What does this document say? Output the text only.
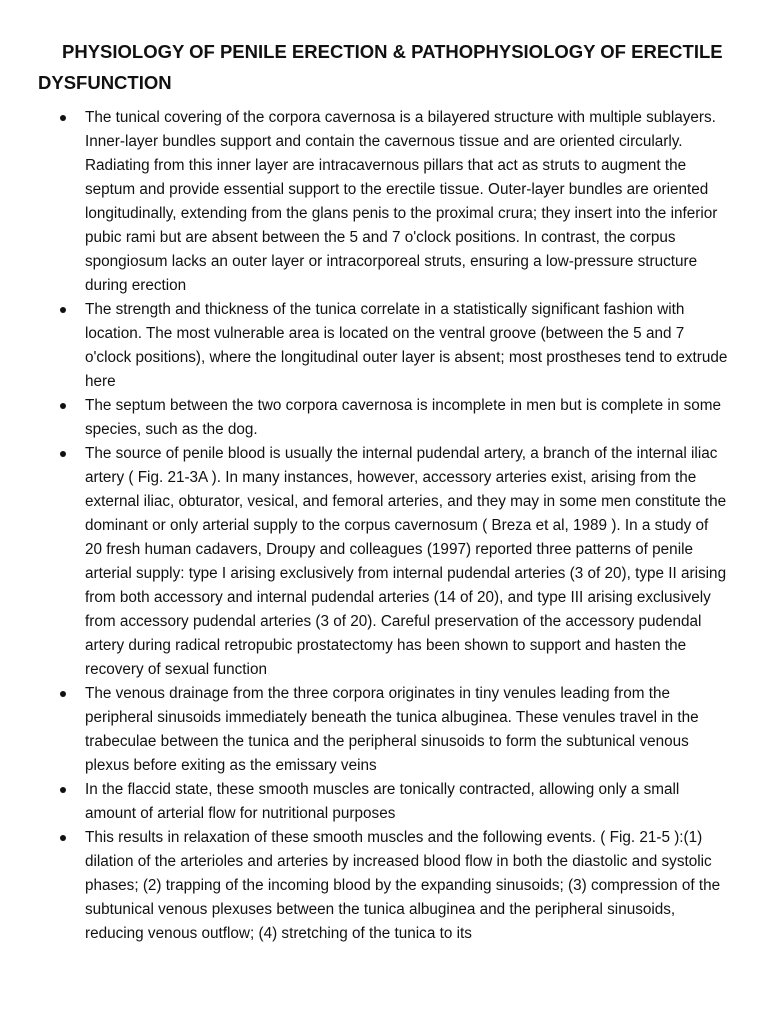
PHYSIOLOGY OF PENILE ERECTION & PATHOPHYSIOLOGY OF ERECTILE DYSFUNCTION
The tunical covering of the corpora cavernosa is a bilayered structure with multiple sublayers. Inner-layer bundles support and contain the cavernous tissue and are oriented circularly. Radiating from this inner layer are intracavernous pillars that act as struts to augment the septum and provide essential support to the erectile tissue. Outer-layer bundles are oriented longitudinally, extending from the glans penis to the proximal crura; they insert into the inferior pubic rami but are absent between the 5 and 7 o'clock positions. In contrast, the corpus spongiosum lacks an outer layer or intracorporeal struts, ensuring a low-pressure structure during erection
The strength and thickness of the tunica correlate in a statistically significant fashion with location. The most vulnerable area is located on the ventral groove (between the 5 and 7 o'clock positions), where the longitudinal outer layer is absent; most prostheses tend to extrude here
The septum between the two corpora cavernosa is incomplete in men but is complete in some species, such as the dog.
The source of penile blood is usually the internal pudendal artery, a branch of the internal iliac artery ( Fig. 21-3A ). In many instances, however, accessory arteries exist, arising from the external iliac, obturator, vesical, and femoral arteries, and they may in some men constitute the dominant or only arterial supply to the corpus cavernosum ( Breza et al, 1989 ). In a study of 20 fresh human cadavers, Droupy and colleagues (1997) reported three patterns of penile arterial supply: type I arising exclusively from internal pudendal arteries (3 of 20), type II arising from both accessory and internal pudendal arteries (14 of 20), and type III arising exclusively from accessory pudendal arteries (3 of 20). Careful preservation of the accessory pudendal artery during radical retropubic prostatectomy has been shown to support and hasten the recovery of sexual function
The venous drainage from the three corpora originates in tiny venules leading from the peripheral sinusoids immediately beneath the tunica albuginea. These venules travel in the trabeculae between the tunica and the peripheral sinusoids to form the subtunical venous plexus before exiting as the emissary veins
In the flaccid state, these smooth muscles are tonically contracted, allowing only a small amount of arterial flow for nutritional purposes
This results in relaxation of these smooth muscles and the following events. ( Fig. 21-5 ):(1) dilation of the arterioles and arteries by increased blood flow in both the diastolic and systolic phases; (2) trapping of the incoming blood by the expanding sinusoids; (3) compression of the subtunical venous plexuses between the tunica albuginea and the peripheral sinusoids, reducing venous outflow; (4) stretching of the tunica to its
